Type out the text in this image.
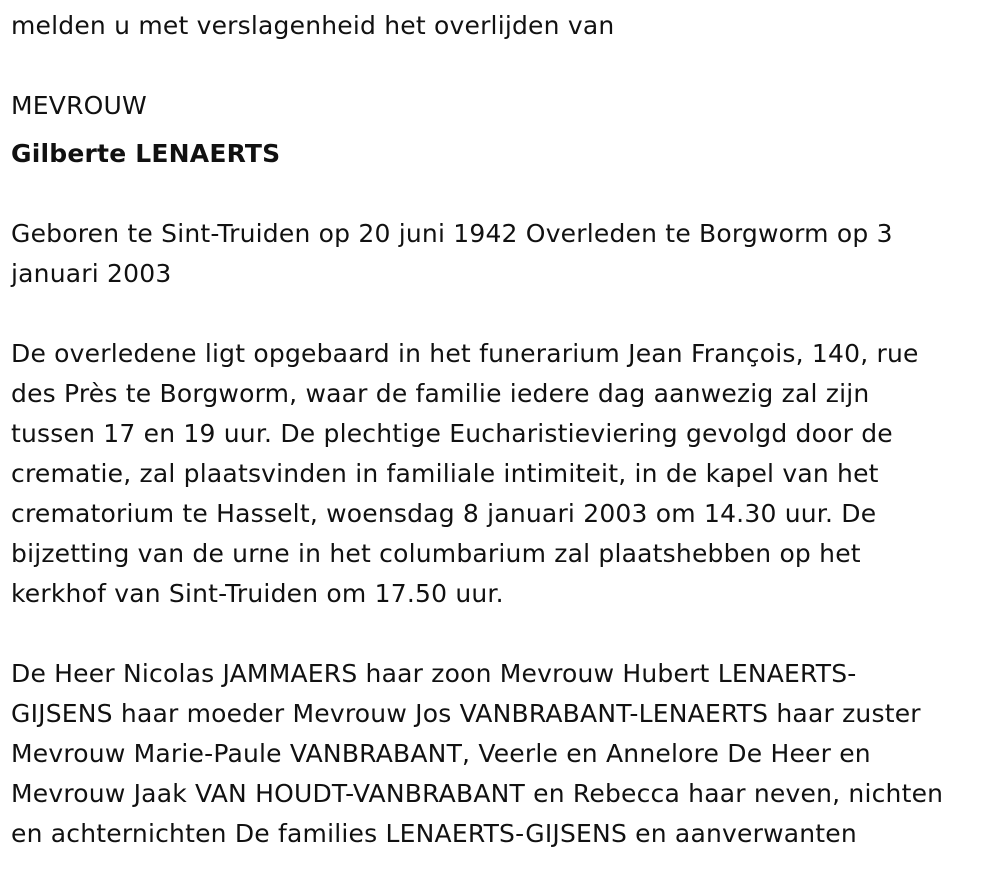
melden u met verslagenheid het overlijden van

MEVROUW

Gilberte LENAERTS

Geboren te Sint-Truiden op 20 juni 1942 Overleden te Borgworm op 3

januari 2003

De overledene ligt opgebaard in het funerarium Jean François, 140, rue

des Près te Borgworm, waar de familie iedere dag aanwezig zal zijn

tussen 17 en 19 uur. De plechtige Eucharistieviering gevolgd door de

crematie, zal plaatsvinden in familiale intimiteit, in de kapel van het

crematorium te Hasselt, woensdag 8 januari 2003 om 14.30 uur. De

bijzetting van de urne in het columbarium zal plaatshebben op het

kerkhof van Sint-Truiden om 17.50 uur.

De Heer Nicolas JAMMAERS haar zoon Mevrouw Hubert LENAERTS-

GIJSENS haar moeder Mevrouw Jos VANBRABANT-LENAERTS haar zuster

Mevrouw Marie-Paule VANBRABANT, Veerle en Annelore De Heer en

Mevrouw Jaak VAN HOUDT-VANBRABANT en Rebecca haar neven, nichten

en achternichten De families LENAERTS-GIJSENS en aanverwanten
